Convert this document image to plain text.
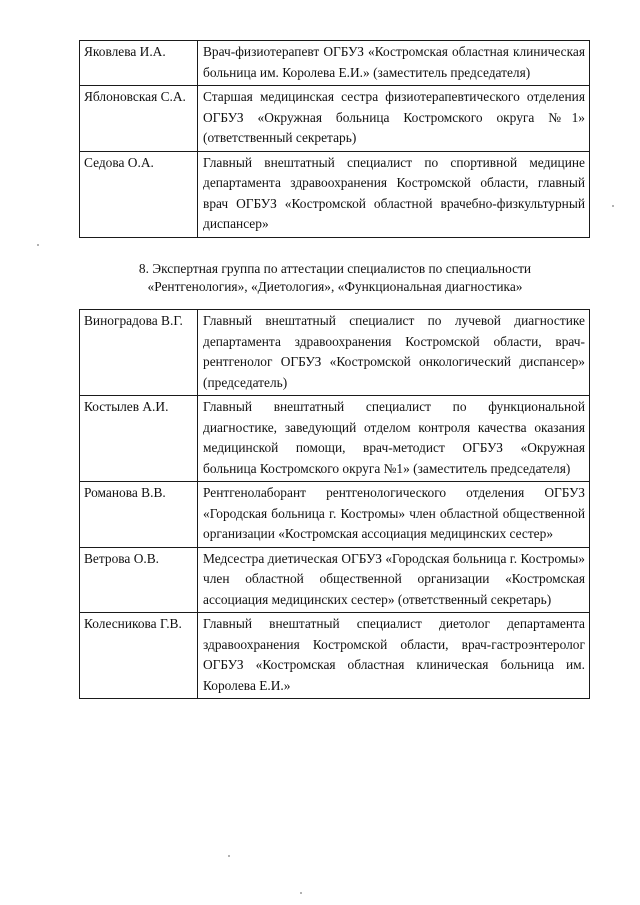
Яковлева И.А.	Врач-физиотерапевт ОГБУЗ «Костромская областная клиническая больница им. Королева Е.И.» (заместитель председателя)
Яблоновская С.А.	Старшая медицинская сестра физиотерапевтического отделения ОГБУЗ «Окружная больница Костромского округа №1» (ответственный секретарь)
Седова О.А.	Главный внештатный специалист по спортивной медицине департамента здравоохранения Костромской области, главный врач ОГБУЗ «Костромской областной врачебно-физкультурный диспансер»
8. Экспертная группа по аттестации специалистов по специальности
«Рентгенология», «Диетология», «Функциональная диагностика»
Виноградова В.Г.	Главный внештатный специалист по лучевой диагностике департамента здравоохранения Костромской области, врач-рентгенолог ОГБУЗ «Костромской онкологический диспансер» (председатель)
Костылев А.И.	Главный внештатный специалист по функциональной диагностике, заведующий отделом контроля качества оказания медицинской помощи, врач-методист ОГБУЗ «Окружная больница Костромского округа №1» (заместитель председателя)
Романова В.В.	Рентгенолаборант рентгенологического отделения ОГБУЗ «Городская больница г. Костромы» член областной общественной организации «Костромская ассоциация медицинских сестер»
Ветрова О.В.	Медсестра диетическая ОГБУЗ «Городская больница г. Костромы» член областной общественной организации «Костромская ассоциация медицинских сестер» (ответственный секретарь)
Колесникова Г.В.	Главный внештатный специалист диетолог департамента здравоохранения Костромской области, врач-гастроэнтеролог ОГБУЗ «Костромская областная клиническая больница им. Королева Е.И.»
